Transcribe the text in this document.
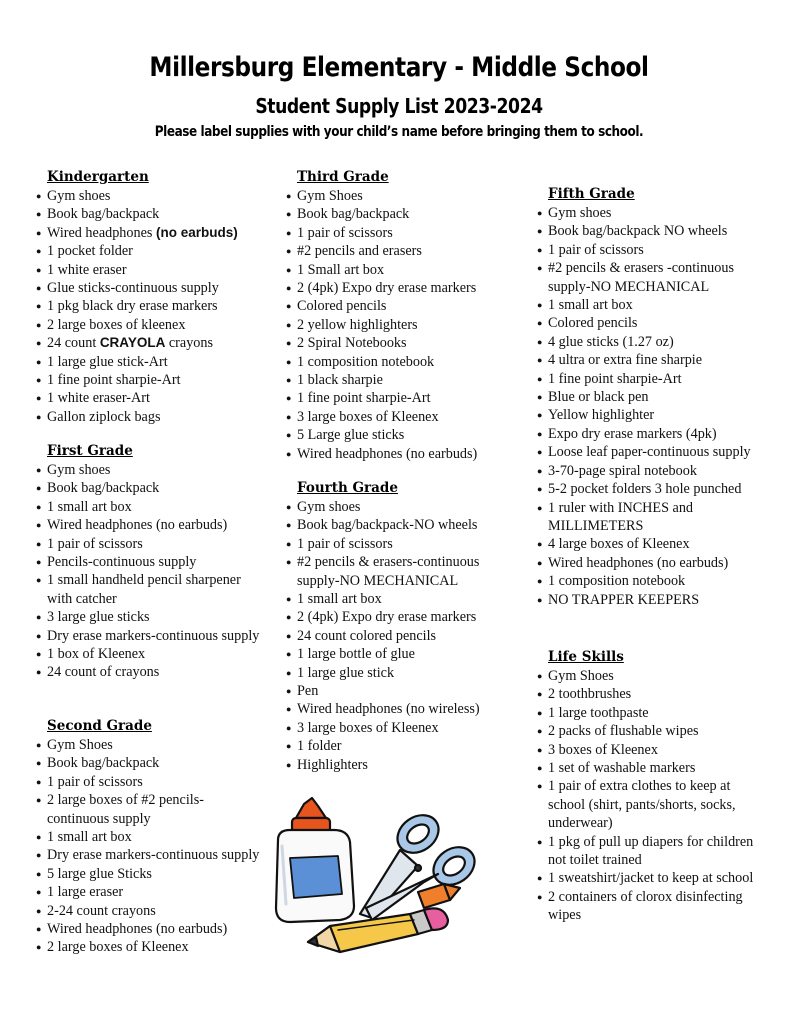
Millersburg Elementary - Middle School
Student Supply List 2023-2024
Please label supplies with your child’s name before bringing them to school.
Kindergarten
● Gym shoes
● Book bag/backpack
● Wired headphones (no earbuds)
● 1 pocket folder
● 1 white eraser
● Glue sticks-continuous supply
● 1 pkg black dry erase markers
● 2 large boxes of kleenex
● 24 count CRAYOLA crayons
● 1 large glue stick-Art
● 1 fine point sharpie-Art
● 1 white eraser-Art
● Gallon ziplock bags
First Grade
● Gym shoes
● Book bag/backpack
● 1 small art box
● Wired headphones (no earbuds)
● 1 pair of scissors
● Pencils-continuous supply
● 1 small handheld pencil sharpener with catcher
● 3 large glue sticks
● Dry erase markers-continuous supply
● 1 box of Kleenex
● 24 count of crayons
Second Grade
● Gym Shoes
● Book bag/backpack
● 1 pair of scissors
● 2 large boxes of #2 pencils-continuous supply
● 1 small art box
● Dry erase markers-continuous supply
● 5 large glue Sticks
● 1 large eraser
● 2-24 count crayons
● Wired headphones (no earbuds)
● 2 large boxes of Kleenex
Third Grade
● Gym Shoes
● Book bag/backpack
● 1 pair of scissors
● #2 pencils and erasers
● 1 Small art box
● 2 (4pk) Expo dry erase markers
● Colored pencils
● 2 yellow highlighters
● 2 Spiral Notebooks
● 1 composition notebook
● 1 black sharpie
● 1 fine point sharpie-Art
● 3 large boxes of Kleenex
● 5 Large glue sticks
● Wired headphones (no earbuds)
Fourth Grade
● Gym shoes
● Book bag/backpack-NO wheels
● 1 pair of scissors
● #2 pencils & erasers-continuous supply-NO MECHANICAL
● 1 small art box
● 2 (4pk) Expo dry erase markers
● 24 count colored pencils
● 1 large bottle of glue
● 1 large glue stick
● Pen
● Wired headphones (no wireless)
● 3 large boxes of Kleenex
● 1 folder
● Highlighters
Fifth Grade
● Gym shoes
● Book bag/backpack NO wheels
● 1 pair of scissors
● #2 pencils & erasers -continuous supply-NO MECHANICAL
● 1 small art box
● Colored pencils
● 4 glue sticks (1.27 oz)
● 4 ultra or extra fine sharpie
● 1 fine point sharpie-Art
● Blue or black pen
● Yellow highlighter
● Expo dry erase markers (4pk)
● Loose leaf paper-continuous supply
● 3-70-page spiral notebook
● 5-2 pocket folders 3 hole punched
● 1 ruler with INCHES and MILLIMETERS
● 4 large boxes of Kleenex
● Wired headphones (no earbuds)
● 1 composition notebook
● NO TRAPPER KEEPERS
Life Skills
● Gym Shoes
● 2 toothbrushes
● 1 large toothpaste
● 2 packs of flushable wipes
● 3 boxes of Kleenex
● 1 set of washable markers
● 1 pair of extra clothes to keep at school (shirt, pants/shorts, socks, underwear)
● 1 pkg of pull up diapers for children not toilet trained
● 1 sweatshirt/jacket to keep at school
● 2 containers of clorox disinfecting wipes
